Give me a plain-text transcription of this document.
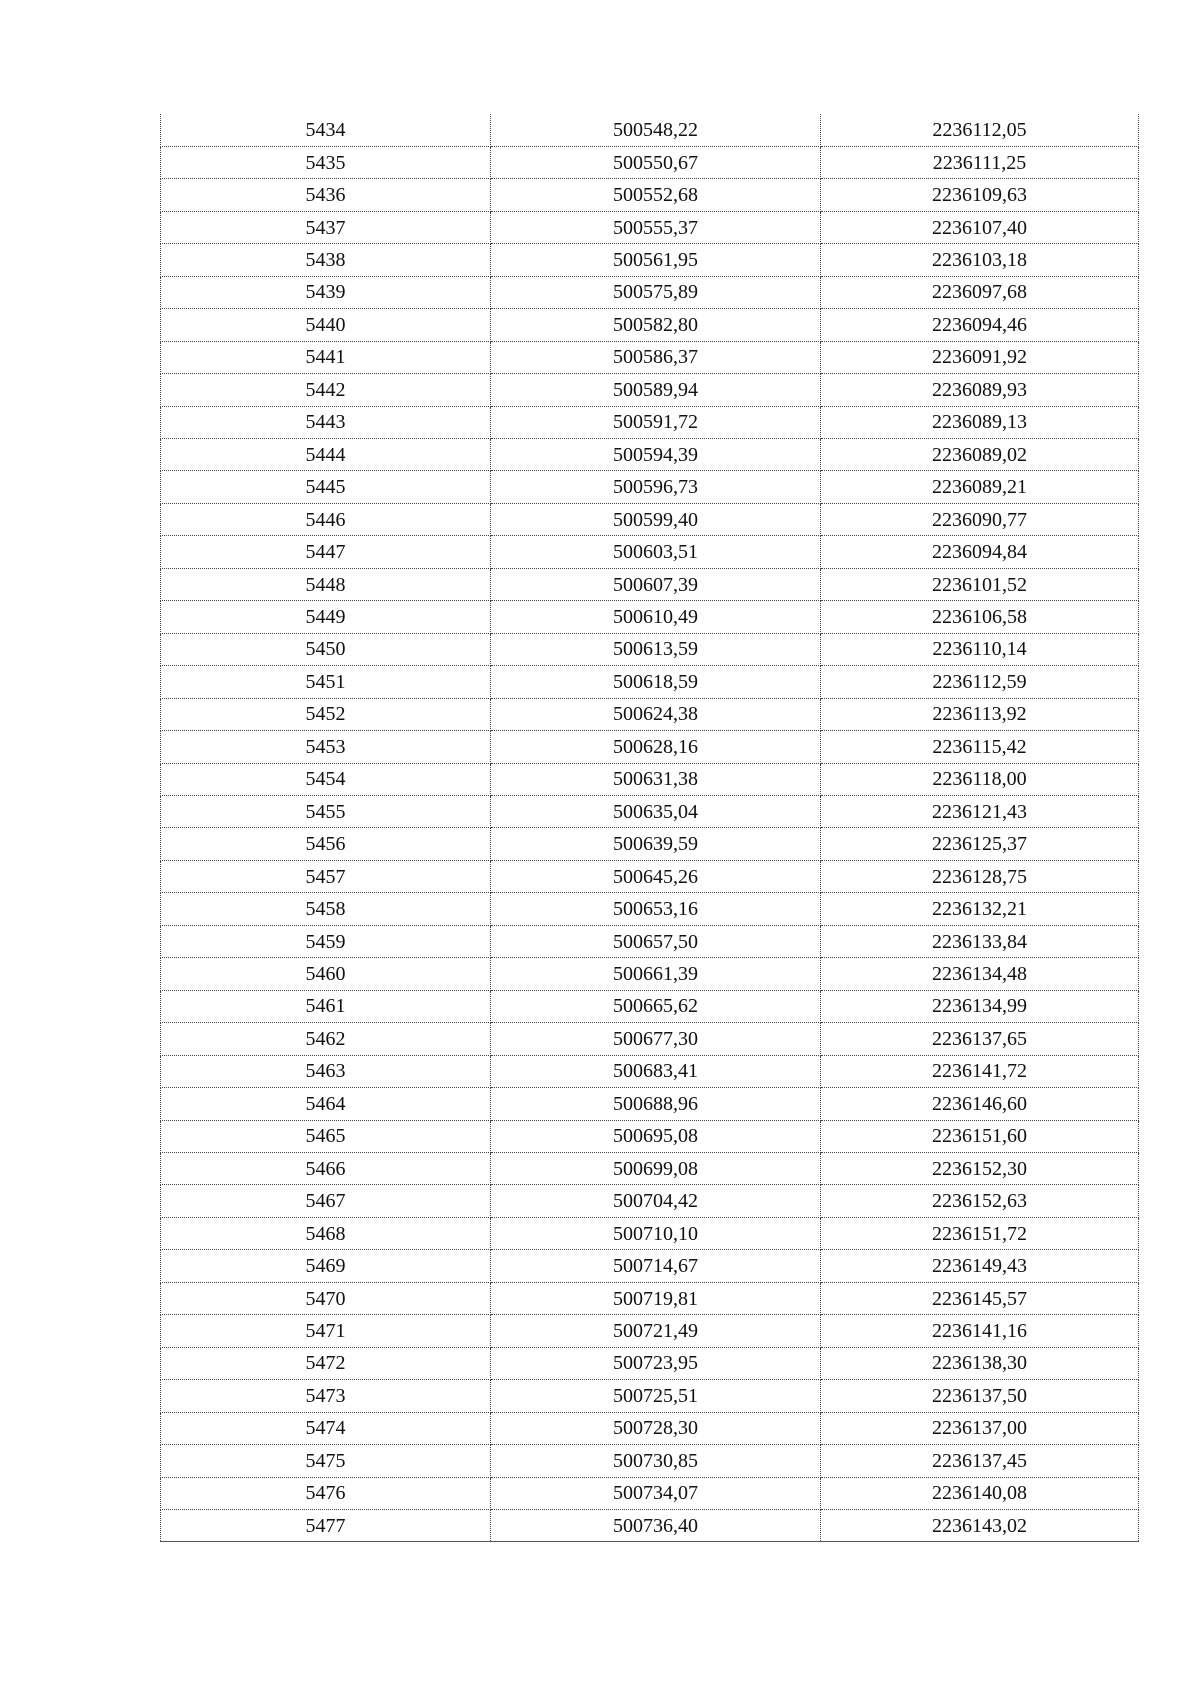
5434	500548,22	2236112,05
5435	500550,67	2236111,25
5436	500552,68	2236109,63
5437	500555,37	2236107,40
5438	500561,95	2236103,18
5439	500575,89	2236097,68
5440	500582,80	2236094,46
5441	500586,37	2236091,92
5442	500589,94	2236089,93
5443	500591,72	2236089,13
5444	500594,39	2236089,02
5445	500596,73	2236089,21
5446	500599,40	2236090,77
5447	500603,51	2236094,84
5448	500607,39	2236101,52
5449	500610,49	2236106,58
5450	500613,59	2236110,14
5451	500618,59	2236112,59
5452	500624,38	2236113,92
5453	500628,16	2236115,42
5454	500631,38	2236118,00
5455	500635,04	2236121,43
5456	500639,59	2236125,37
5457	500645,26	2236128,75
5458	500653,16	2236132,21
5459	500657,50	2236133,84
5460	500661,39	2236134,48
5461	500665,62	2236134,99
5462	500677,30	2236137,65
5463	500683,41	2236141,72
5464	500688,96	2236146,60
5465	500695,08	2236151,60
5466	500699,08	2236152,30
5467	500704,42	2236152,63
5468	500710,10	2236151,72
5469	500714,67	2236149,43
5470	500719,81	2236145,57
5471	500721,49	2236141,16
5472	500723,95	2236138,30
5473	500725,51	2236137,50
5474	500728,30	2236137,00
5475	500730,85	2236137,45
5476	500734,07	2236140,08
5477	500736,40	2236143,02
